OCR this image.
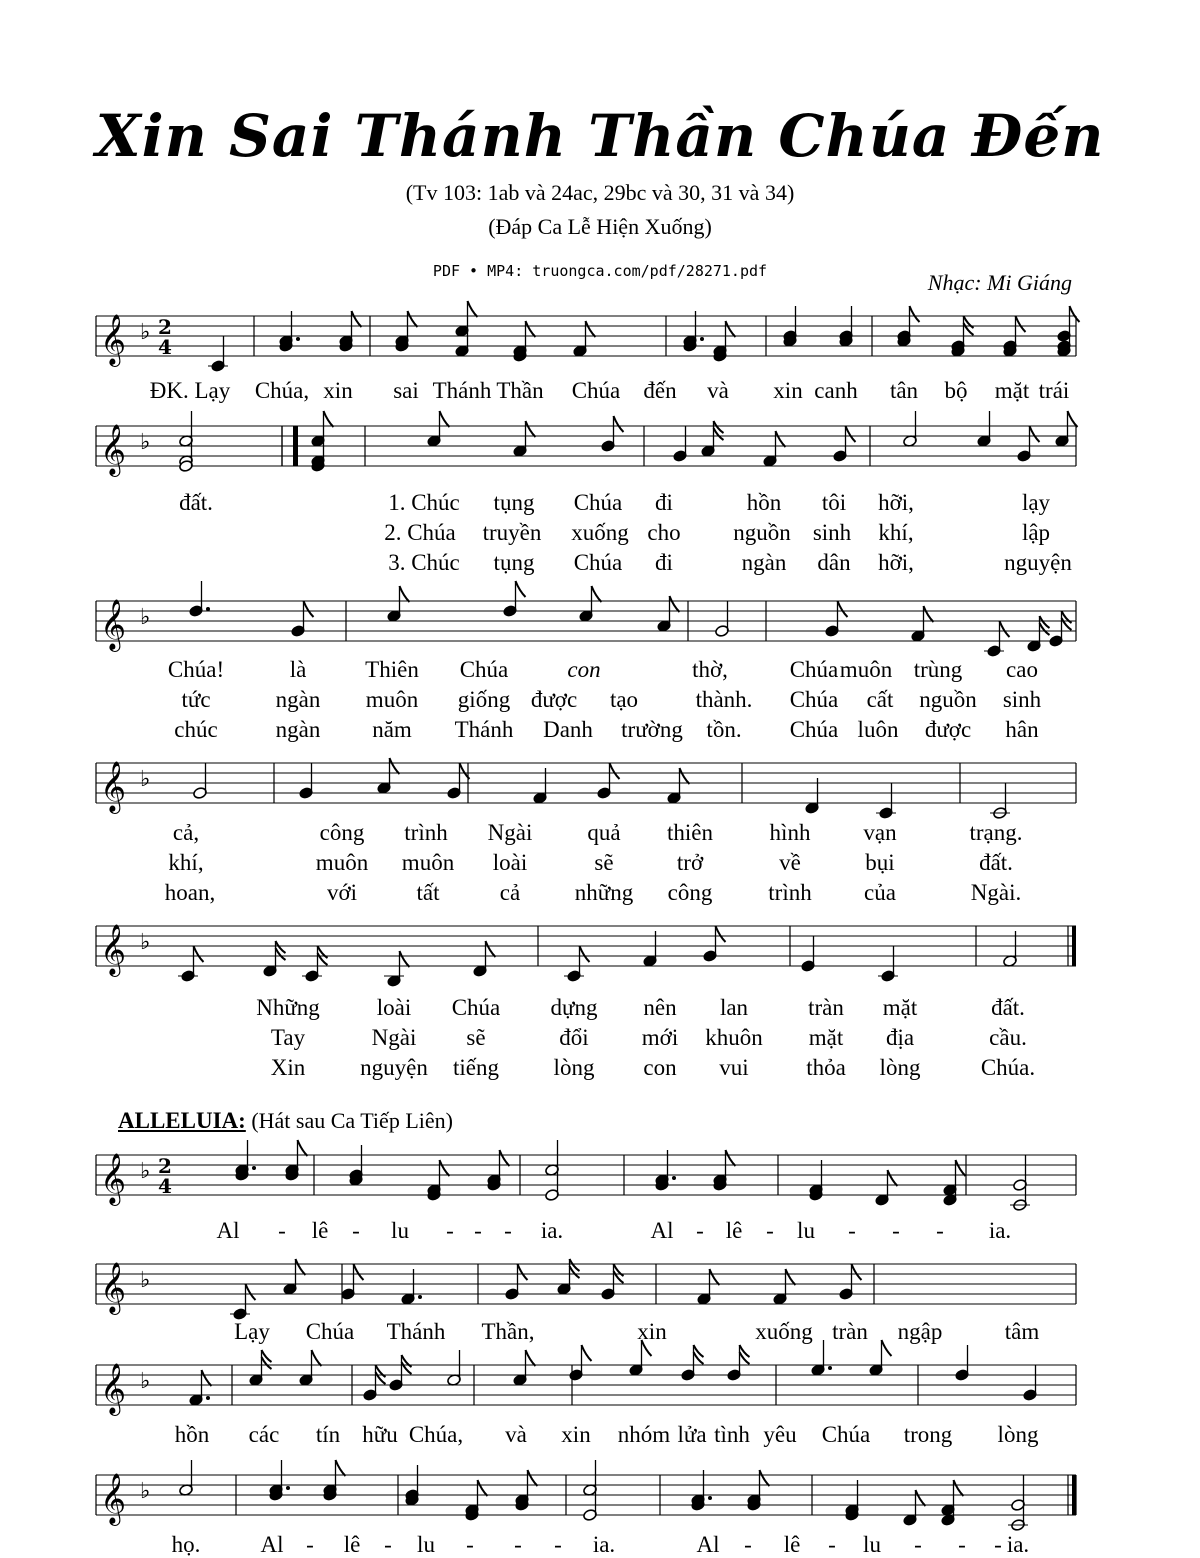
Xin Sai Thánh Thần Chúa Đến
(Tv 103: 1ab và 24ac, 29bc và 30, 31 và 34)
(Đáp Ca Lễ Hiện Xuống)
PDF • MP4: truongca.com/pdf/28271.pdf	Nhạc: Mi Giáng
ALLELUIA: (Hát sau Ca Tiếp Liên)
𝄞 ♭ 2
4
𝄞 ♭
𝄞 ♭
𝄞 ♭
𝄞 ♭
𝄞 ♭ 2
4
𝄞 ♭
𝄞 ♭
𝄞 ♭
ĐK. Lạy Chúa, xin sai Thánh Thần Chúa đến và xin canh tân bộ mặt trái
đất.	1. Chúc tụng Chúa đi	hồn tôi hỡi,	lạy
2. Chúa truyền xuống cho nguồn sinh khí,	lập
3. Chúc tụng Chúa đi	ngàn dân hỡi,	nguyện
Chúa!	là	Thiên Chúa	con	thờ,	Chúa muôn trùng cao
tức	ngàn muôn giống được tạo	thành. Chúa cất nguồn sinh
chúc	ngàn năm Thánh Danh trường tồn. Chúa luôn được hân
cả,	công trình Ngài quả thiên hình vạn	trạng.
khí,	muôn muôn loài	sẽ	trở	về	bụi	đất.
hoan,	với	tất	cả những công trình của	Ngài.
Những loài Chúa dựng nên lan	tràn mặt	đất.
Tay	Ngài sẽ	đổi mới khuôn mặt địa	cầu.
Xin nguyện tiếng lòng con vui	thỏa lòng	Chúa.
Al - lê - lu - - - ia.	Al - lê - lu - - - ia.
Lạy Chúa Thánh Thần,	xin	xuống tràn ngập	tâm
hồn các tín hữu Chúa, và xin nhóm lửa tình yêu Chúa trong lòng
họ.	Al - lê - lu - - - ia.	Al - lê - lu - - - ia.
